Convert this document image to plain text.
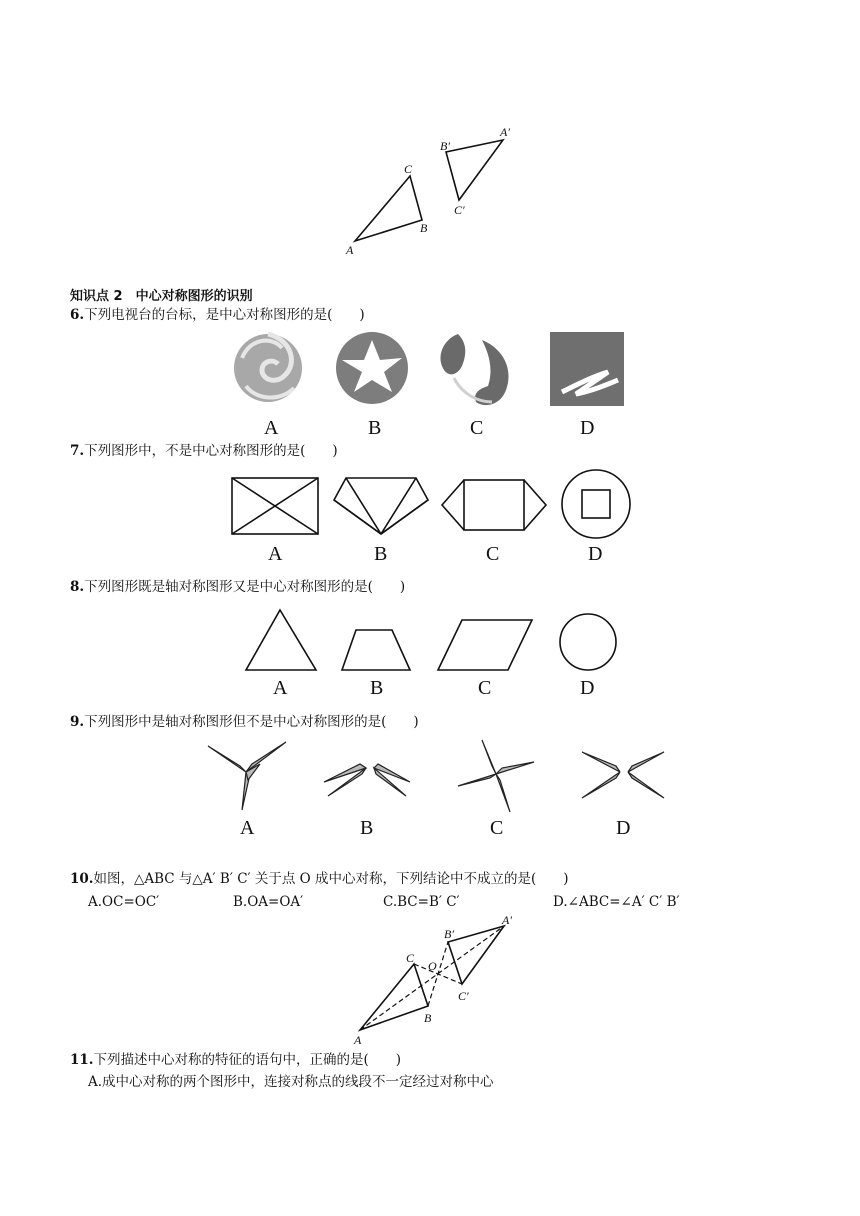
A
B
C
A′
B′
C′
知识点 2　中心对称图形的识别
6.下列电视台的台标，是中心对称图形的是(　　)
A	B	C	D
7.下列图形中，不是中心对称图形的是(　　)
A	B	C	D
8.下列图形既是轴对称图形又是中心对称图形的是(　　)
A	B	C	D
9.下列图形中是轴对称图形但不是中心对称图形的是(　　)
A	B	C	D
10.如图，△ABC 与△A′ B′ C′ 关于点 O 成中心对称，下列结论中不成立的是(　　)
A.OC=OC′	B.OA=OA′	C.BC=B′ C′	D.∠ABC=∠A′ C′ B′
A
B
C
O
A′
B′
C′
11.下列描述中心对称的特征的语句中，正确的是(　　)
A.成中心对称的两个图形中，连接对称点的线段不一定经过对称中心
